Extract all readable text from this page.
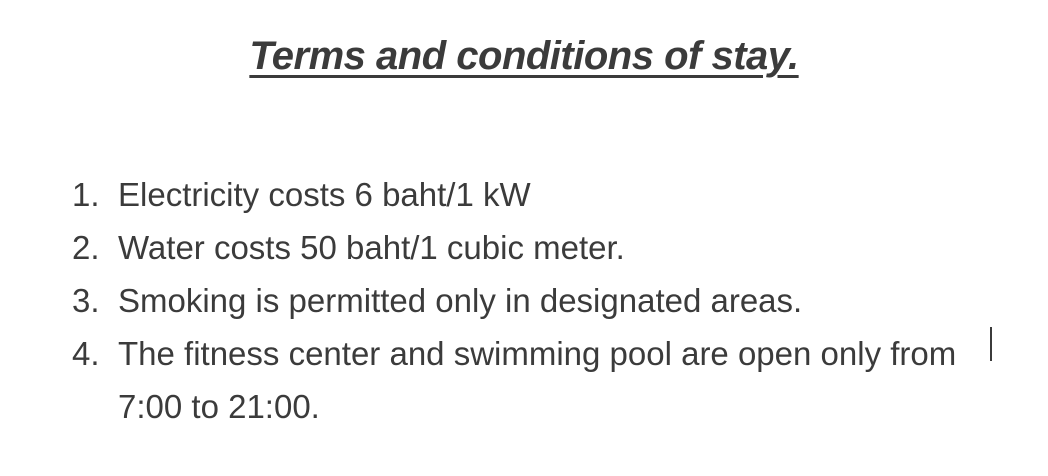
Terms and conditions of stay.
1. Electricity costs 6 baht/1 kW
2. Water costs 50 baht/1 cubic meter.
3. Smoking is permitted only in designated areas.
4. The fitness center and swimming pool are open only from 7:00 to 21:00.
